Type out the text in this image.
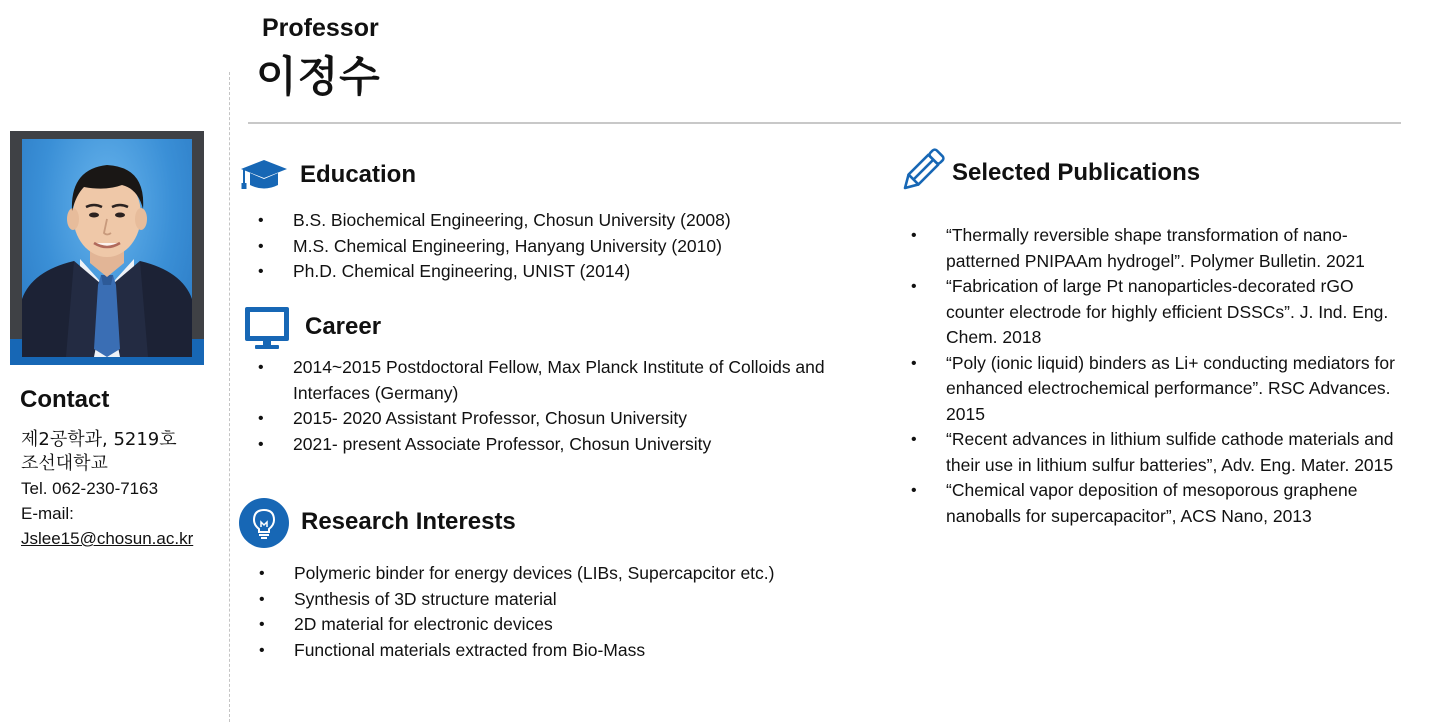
Professor
이정수
Contact
제2공학과, 5219호
조선대학교
Tel. 062-230-7163
E-mail:
Jslee15@chosun.ac.kr
Education
• B.S. Biochemical Engineering, Chosun University (2008)
• M.S. Chemical Engineering, Hanyang University (2010)
• Ph.D. Chemical Engineering, UNIST (2014)
Career
• 2014~2015 Postdoctoral Fellow, Max Planck Institute of Colloids and Interfaces (Germany)
• 2015- 2020 Assistant Professor, Chosun University
• 2021- present Associate Professor, Chosun University
Research Interests
• Polymeric binder for energy devices (LIBs, Supercapcitor etc.)
• Synthesis of 3D structure material
• 2D material for electronic devices
• Functional materials extracted from Bio-Mass
Selected Publications
• “Thermally reversible shape transformation of nano-patterned PNIPAAm hydrogel”. Polymer Bulletin. 2021
• “Fabrication of large Pt nanoparticles-decorated rGO counter electrode for highly efficient DSSCs”. J. Ind. Eng. Chem. 2018
• “Poly (ionic liquid) binders as Li+ conducting mediators for enhanced electrochemical performance”. RSC Advances. 2015
• “Recent advances in lithium sulfide cathode materials and their use in lithium sulfur batteries”, Adv. Eng. Mater. 2015
• “Chemical vapor deposition of mesoporous graphene nanoballs for supercapacitor”, ACS Nano, 2013
